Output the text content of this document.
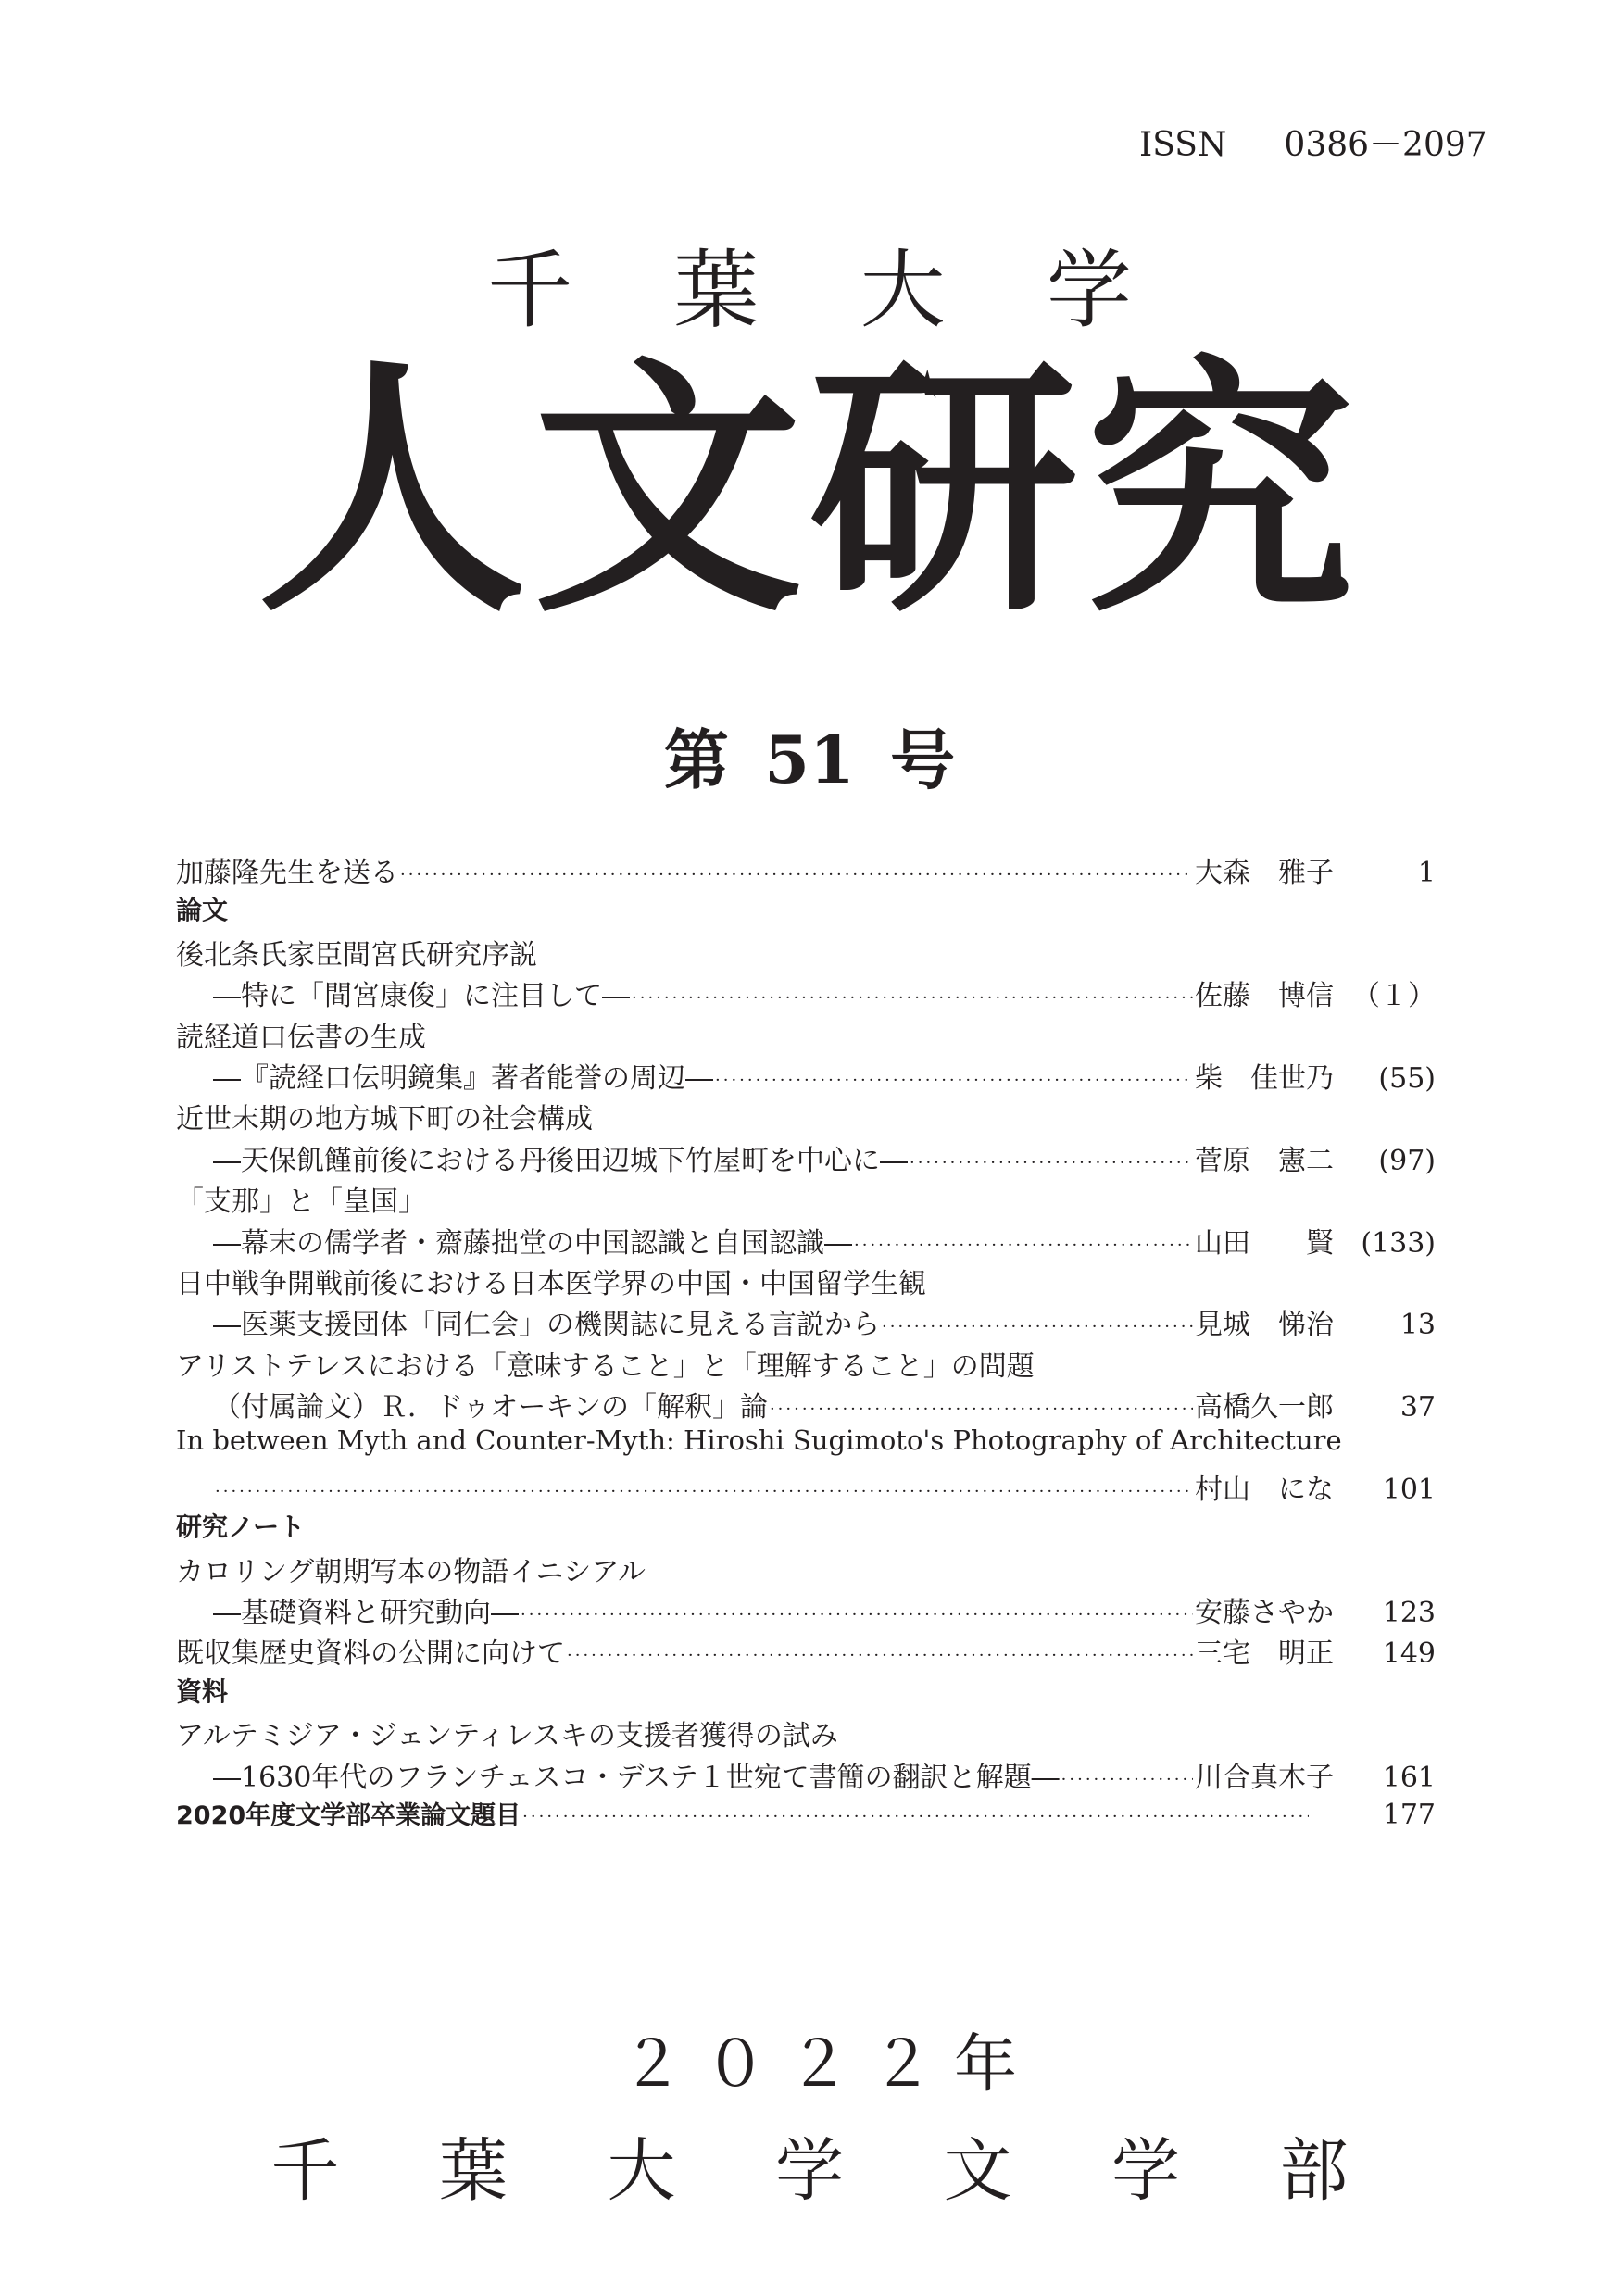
ISSN 0386－2097
千 葉 大 学
人文研究
第 51 号
加藤隆先生を送る ·····	大森　雅子	1
論文
後北条氏家臣間宮氏研究序説
―特に「間宮康俊」に注目して― ·····	佐藤　博信 （１）
読経道口伝書の生成
―『読経口伝明鏡集』著者能誉の周辺― ·····	柴　佳世乃	(55)
近世末期の地方城下町の社会構成
―天保飢饉前後における丹後田辺城下竹屋町を中心に― ·····	菅原　憲二	(97)
「支那」と「皇国」
―幕末の儒学者・齋藤拙堂の中国認識と自国認識― ·····	山田　　賢 (133)
日中戦争開戦前後における日本医学界の中国・中国留学生観
―医薬支援団体「同仁会」の機関誌に見える言説から ·····	見城　悌治	13
アリストテレスにおける「意味すること」と「理解すること」の問題
（付属論文）Ｒ．ドゥオーキンの「解釈」論 ·····	高橋久一郎	37
In between Myth and Counter-Myth: Hiroshi Sugimoto's Photography of Architecture
·····
村山　にな	101
研究ノート
カロリング朝期写本の物語イニシアル
―基礎資料と研究動向― ·····	安藤さやか	123
既収集歴史資料の公開に向けて ·····	三宅　明正	149
資料
アルテミジア・ジェンティレスキの支援者獲得の試み
―1630年代のフランチェスコ・デステ１世宛て書簡の翻訳と解題― ·····	川合真木子	161
2020年度文学部卒業論文題目 ·····	177
２０２２年
千 葉 大 学 文 学 部
